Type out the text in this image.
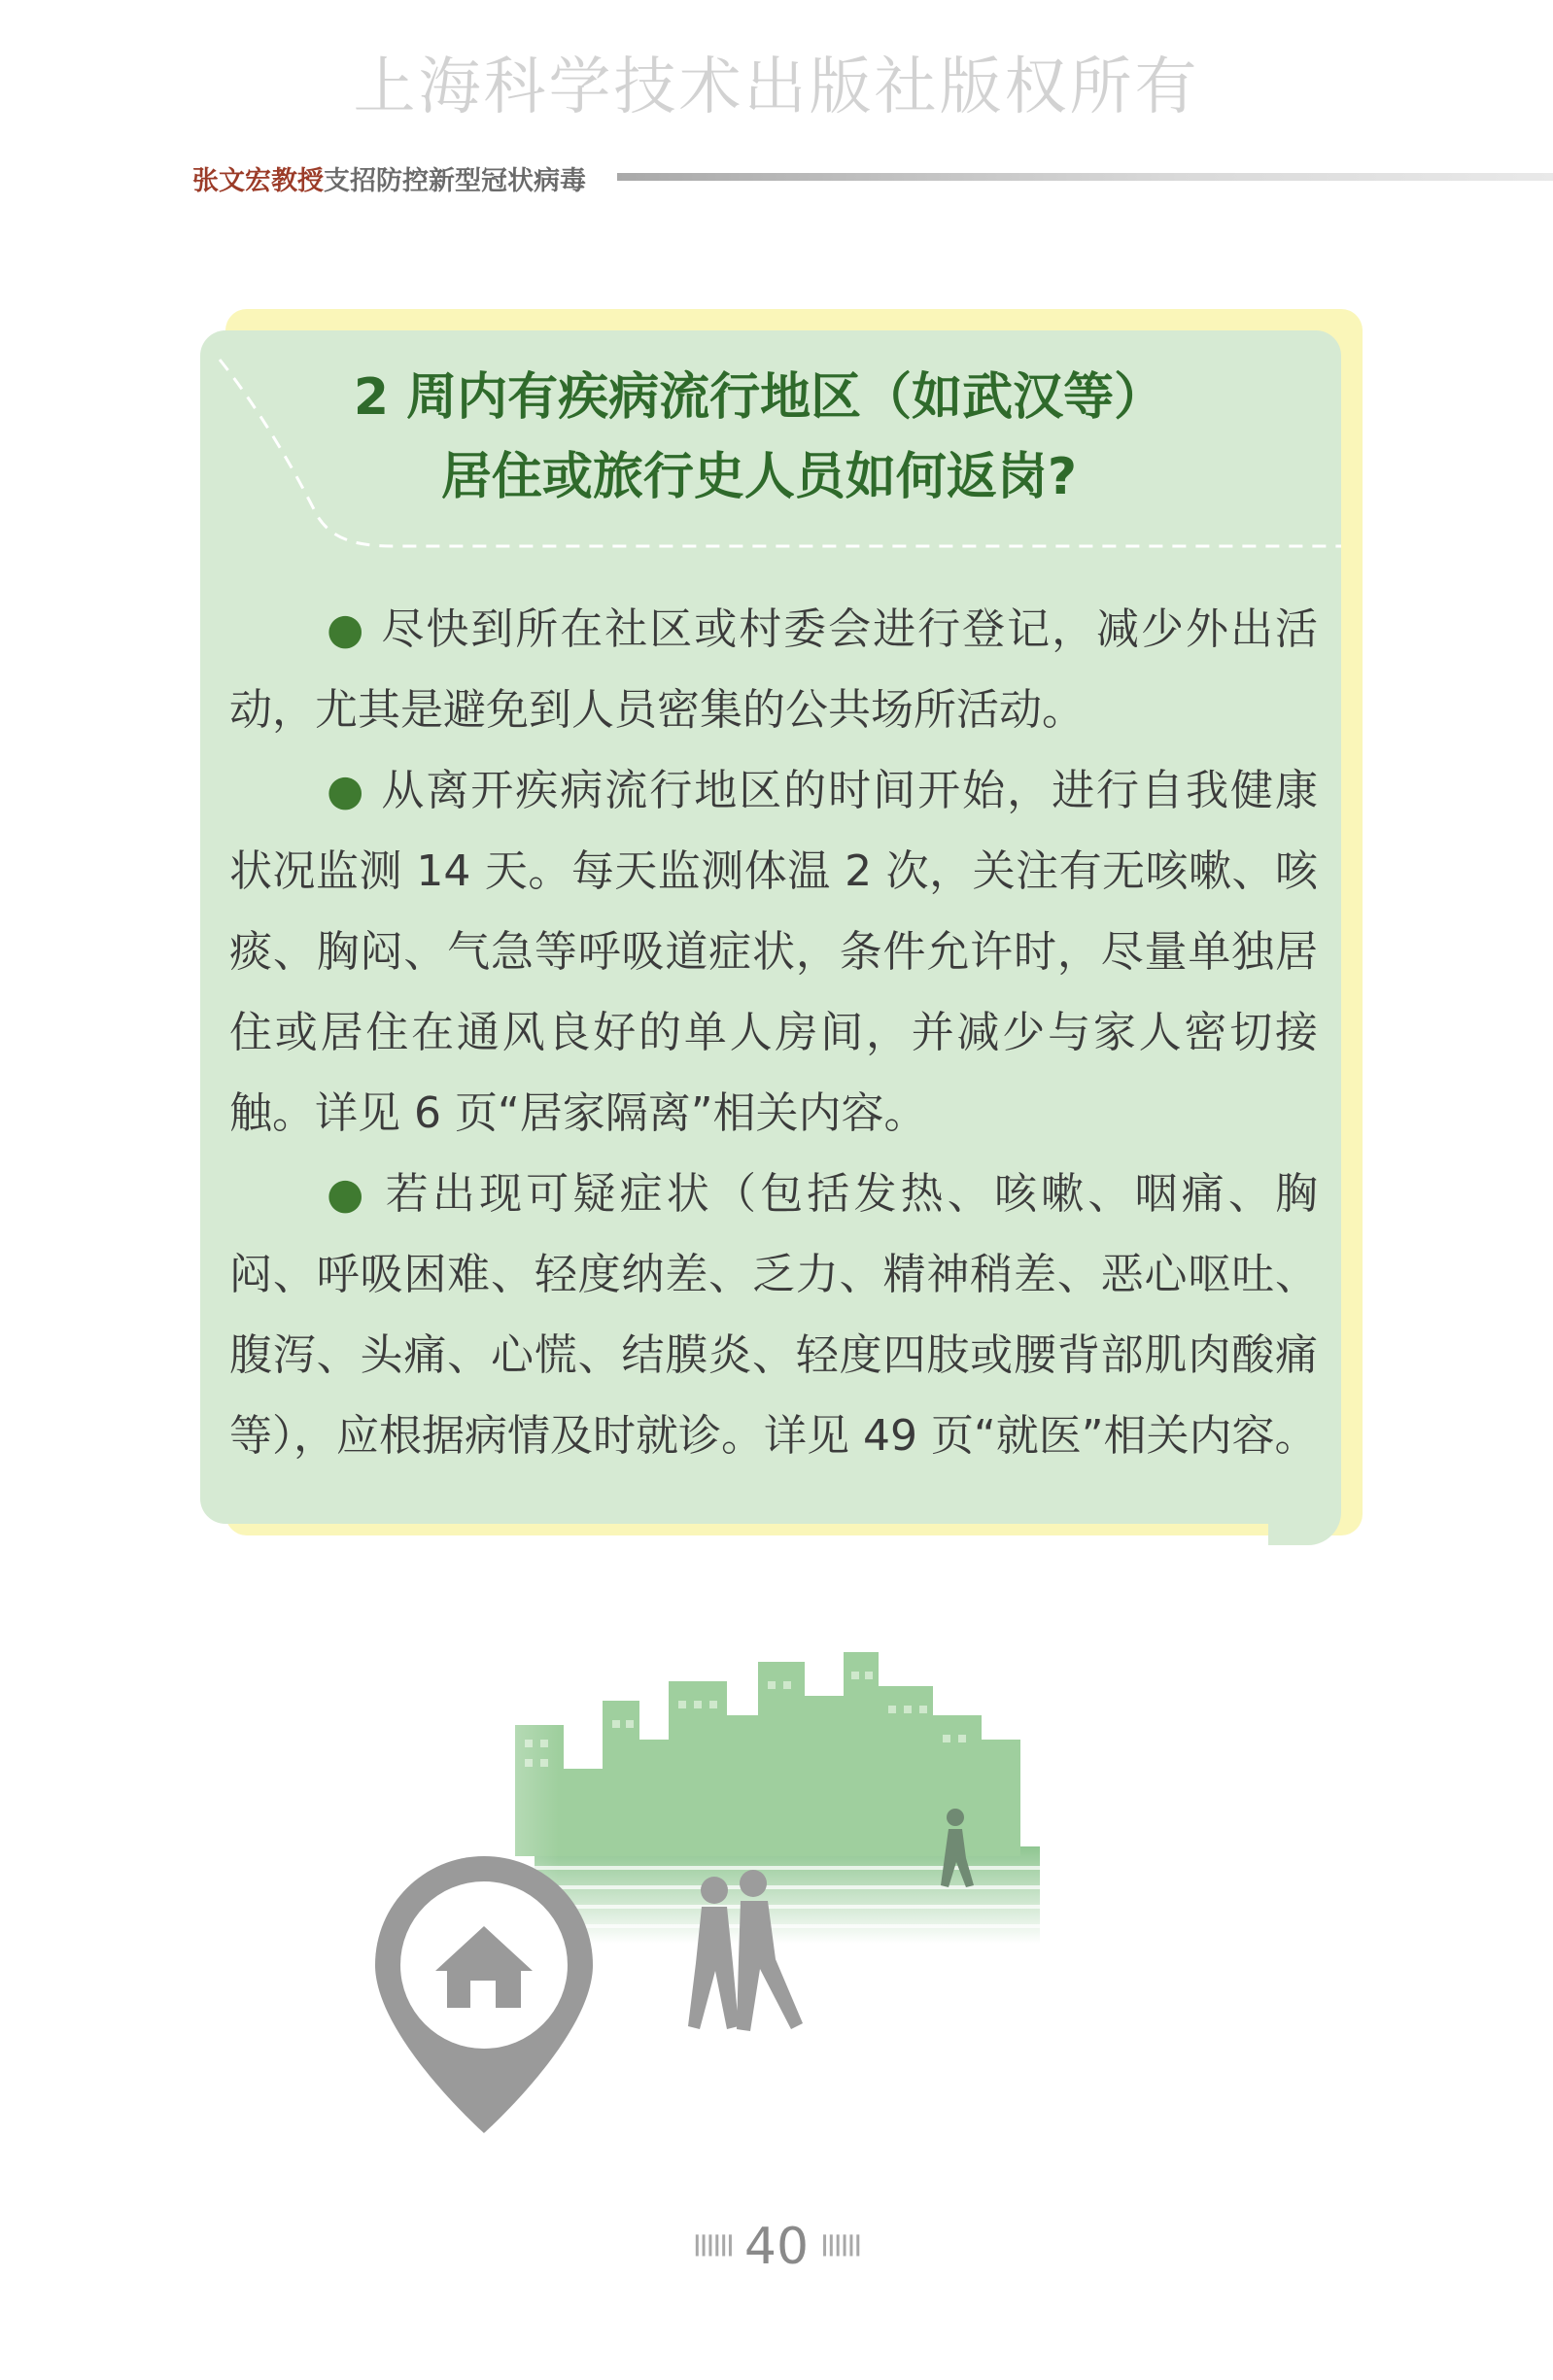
上海科学技术出版社版权所有
张文宏教授支招防控新型冠状病毒
2 周内有疾病流行地区（如武汉等）
居住或旅行史人员如何返岗?

● 尽快到所在社区或村委会进行登记，减少外出活动，尤其是避免到人员密集的公共场所活动。

● 从离开疾病流行地区的时间开始，进行自我健康状况监测 14 天。每天监测体温 2 次，关注有无咳嗽、咳痰、胸闷、气急等呼吸道症状，条件允许时，尽量单独居住或居住在通风良好的单人房间，并减少与家人密切接触。详见 6 页“居家隔离”相关内容。

● 若出现可疑症状（包括发热、咳嗽、咽痛、胸闷、呼吸困难、轻度纳差、乏力、精神稍差、恶心呕吐、腹泻、头痛、心慌、结膜炎、轻度四肢或腰背部肌肉酸痛等），应根据病情及时就诊。详见 49 页“就医”相关内容。

IIIIII 40 IIIIII
